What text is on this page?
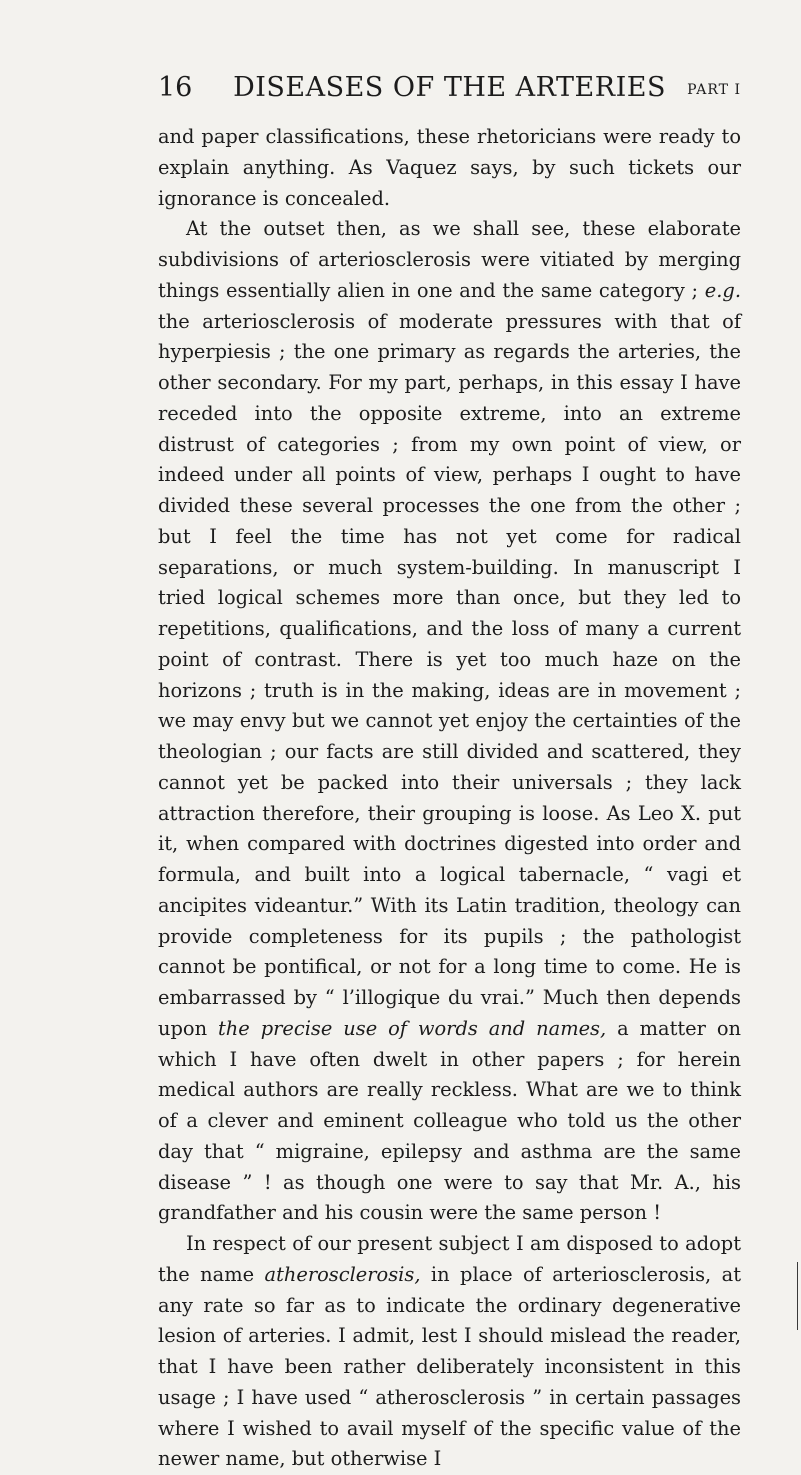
16	DISEASES OF THE ARTERIES	PART I

and paper classifications, these rhetoricians were ready to explain anything. As Vaquez says, by such tickets our ignorance is concealed.

At the outset then, as we shall see, these elaborate subdivisions of arteriosclerosis were vitiated by merging things essentially alien in one and the same category ; e.g. the arteriosclerosis of moderate pressures with that of hyperpiesis ; the one primary as regards the arteries, the other secondary. For my part, perhaps, in this essay I have receded into the opposite extreme, into an extreme distrust of categories ; from my own point of view, or indeed under all points of view, perhaps I ought to have divided these several processes the one from the other ; but I feel the time has not yet come for radical separations, or much system-building. In manuscript I tried logical schemes more than once, but they led to repetitions, qualifications, and the loss of many a current point of contrast. There is yet too much haze on the horizons ; truth is in the making, ideas are in movement ; we may envy but we cannot yet enjoy the certainties of the theologian ; our facts are still divided and scattered, they cannot yet be packed into their universals ; they lack attraction therefore, their grouping is loose. As Leo X. put it, when compared with doctrines digested into order and formula, and built into a logical tabernacle, “ vagi et ancipites videantur.” With its Latin tradition, theology can provide completeness for its pupils ; the pathologist cannot be pontifical, or not for a long time to come. He is embarrassed by “ l’illogique du vrai.” Much then depends upon the precise use of words and names, a matter on which I have often dwelt in other papers ; for herein medical authors are really reckless. What are we to think of a clever and eminent colleague who told us the other day that “ migraine, epilepsy and asthma are the same disease ” ! as though one were to say that Mr. A., his grandfather and his cousin were the same person !

In respect of our present subject I am disposed to adopt the name atherosclerosis, in place of arteriosclerosis, at any rate so far as to indicate the ordinary degenerative lesion of arteries. I admit, lest I should mislead the reader, that I have been rather deliberately inconsistent in this usage ; I have used “ atherosclerosis ” in certain passages where I wished to avail myself of the specific value of the newer name, but otherwise I
